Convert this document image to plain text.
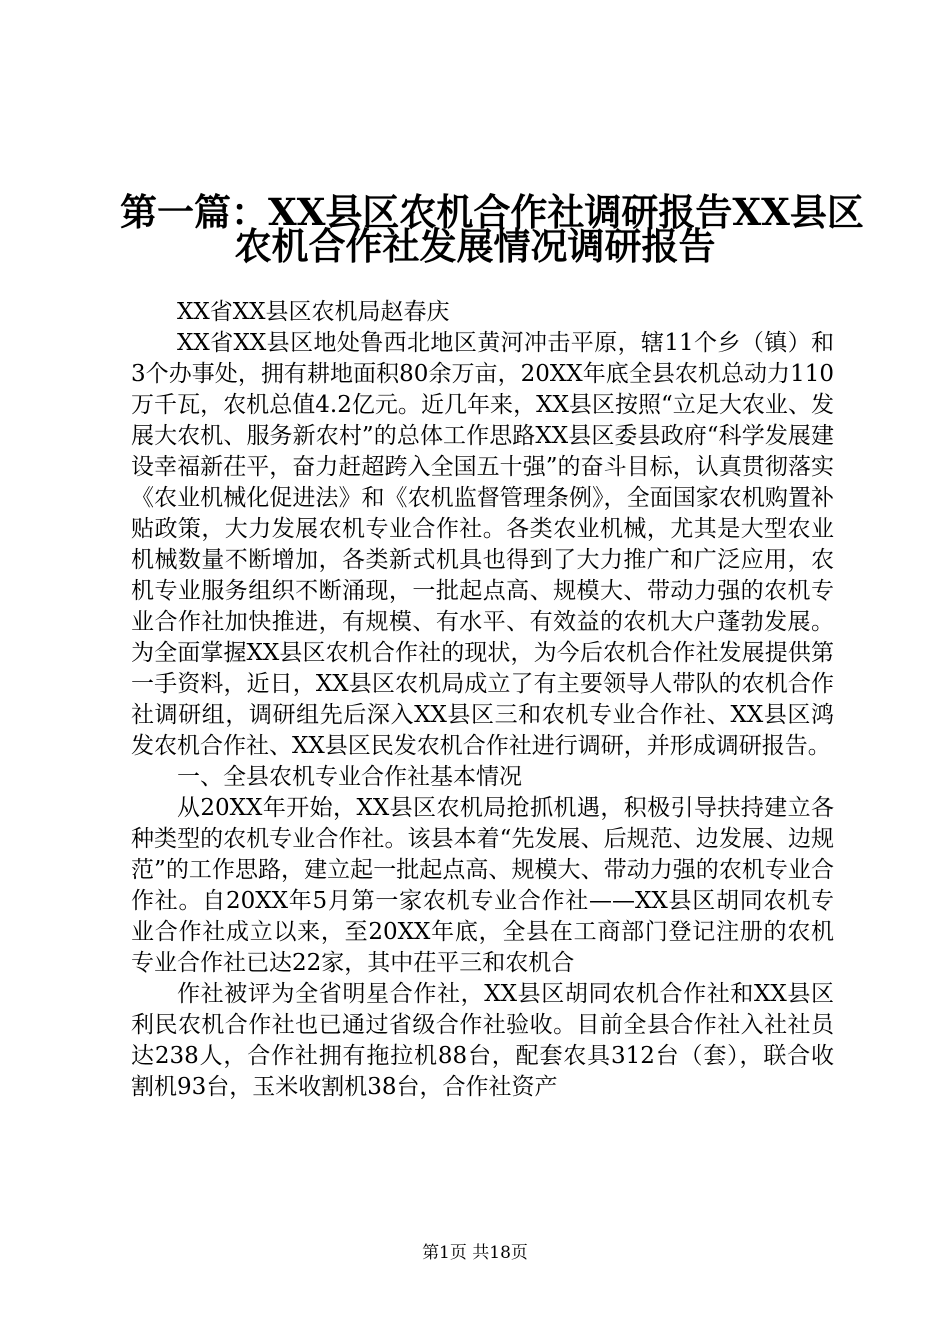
第一篇：XX县区农机合作社调研报告XX县区
农机合作社发展情况调研报告
XX省XX县区农机局赵春庆

XX省XX县区地处鲁西北地区黄河冲击平原，辖11个乡（镇）和3个办事处，拥有耕地面积80余万亩，20XX年底全县农机总动力110万千瓦，农机总值4.2亿元。近几年来，XX县区按照“立足大农业、发展大农机、服务新农村”的总体工作思路XX县区委县政府“科学发展建设幸福新茌平，奋力赶超跨入全国五十强”的奋斗目标，认真贯彻落实《农业机械化促进法》和《农机监督管理条例》，全面国家农机购置补贴政策，大力发展农机专业合作社。各类农业机械，尤其是大型农业机械数量不断增加，各类新式机具也得到了大力推广和广泛应用，农机专业服务组织不断涌现，一批起点高、规模大、带动力强的农机专业合作社加快推进，有规模、有水平、有效益的农机大户蓬勃发展。为全面掌握XX县区农机合作社的现状，为今后农机合作社发展提供第一手资料，近日，XX县区农机局成立了有主要领导人带队的农机合作社调研组，调研组先后深入XX县区三和农机专业合作社、XX县区鸿发农机合作社、XX县区民发农机合作社进行调研，并形成调研报告。

一、全县农机专业合作社基本情况

从20XX年开始，XX县区农机局抢抓机遇，积极引导扶持建立各种类型的农机专业合作社。该县本着“先发展、后规范、边发展、边规范”的工作思路，建立起一批起点高、规模大、带动力强的农机专业合作社。自20XX年5月第一家农机专业合作社——XX县区胡同农机专业合作社成立以来，至20XX年底，全县在工商部门登记注册的农机专业合作社已达22家，其中茌平三和农机合

作社被评为全省明星合作社，XX县区胡同农机合作社和XX县区利民农机合作社也已通过省级合作社验收。目前全县合作社入社社员达238人，合作社拥有拖拉机88台，配套农具312台（套），联合收割机93台，玉米收割机38台，合作社资产

第1页 共18页
